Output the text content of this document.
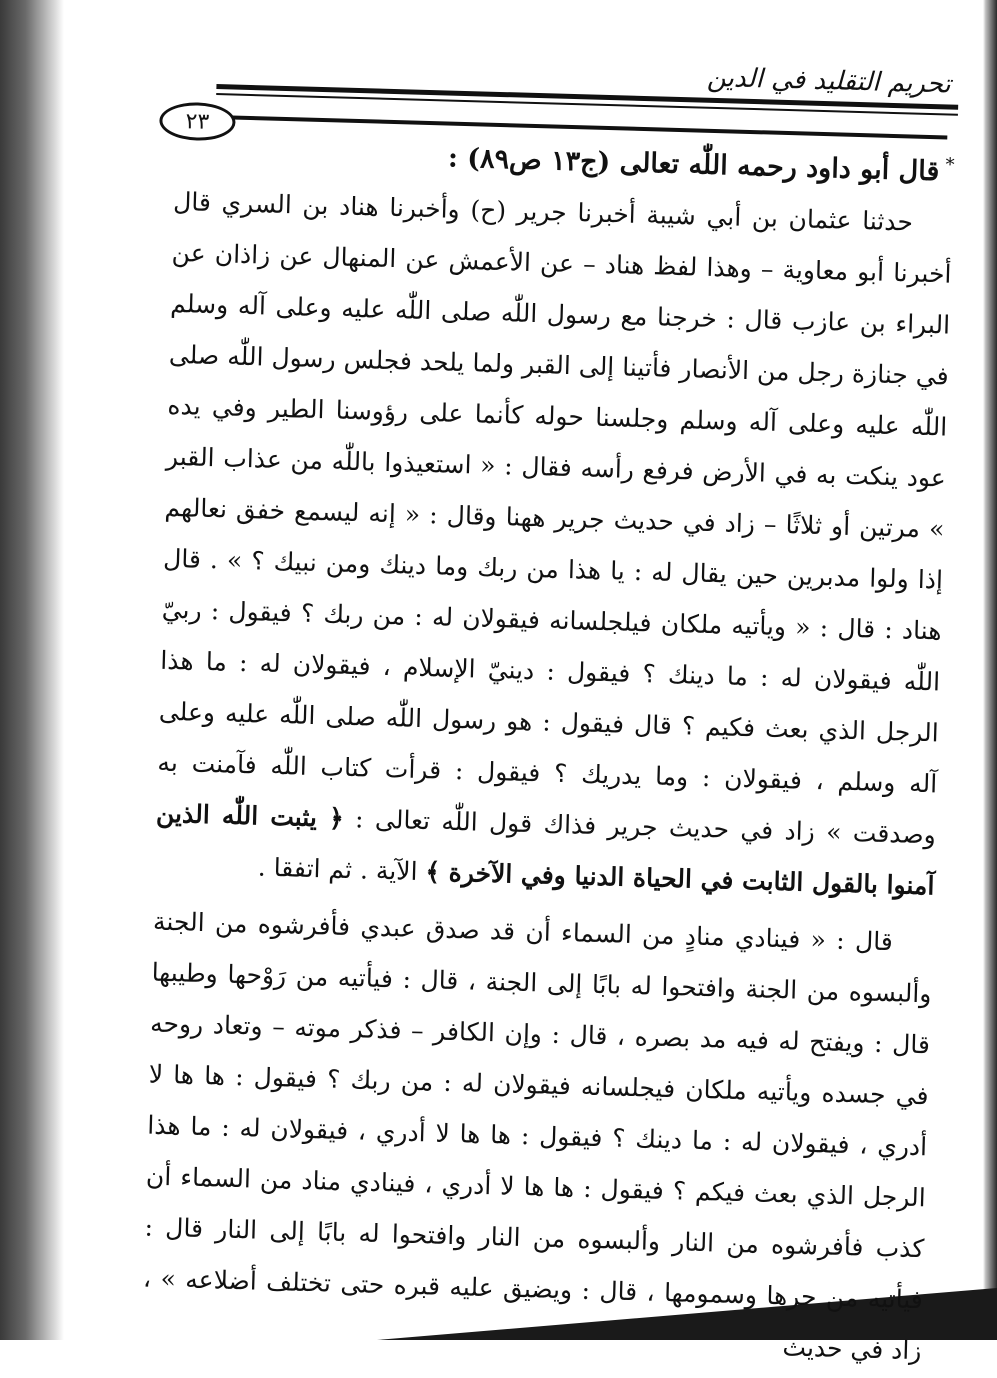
تحريم التقليد في الدين
٢٣

*قال أبو داود رحمه اللّٰه تعالى (ج١٣ ص٨٩) :

حدثنا عثمان بن أبي شيبة أخبرنا جرير (ح) وأخبرنا هناد بن السري قال أخبرنا أبو معاوية – وهذا لفظ هناد – عن الأعمش عن المنهال عن زاذان عن البراء بن عازب قال : خرجنا مع رسول اللّٰه صلى اللّٰه عليه وعلى آله وسلم في جنازة رجل من الأنصار فأتينا إلى القبر ولما يلحد فجلس رسول اللّٰه صلى اللّٰه عليه وعلى آله وسلم وجلسنا حوله كأنما على رؤوسنا الطير وفي يده عود ينكت به في الأرض فرفع رأسه فقال : « استعيذوا باللّٰه من عذاب القبر » مرتين أو ثلاثًا – زاد في حديث جرير ههنا وقال : « إنه ليسمع خفق نعالهم إذا ولوا مدبرين حين يقال له : يا هذا من ربك وما دينك ومن نبيك ؟ » . قال هناد : قال : « ويأتيه ملكان فيلجلسانه فيقولان له : من ربك ؟ فيقول : ربيّ اللّٰه فيقولان له : ما دينك ؟ فيقول : دينيّ الإسلام ، فيقولان له : ما هذا الرجل الذي بعث فكيم ؟ قال فيقول : هو رسول اللّٰه صلى اللّٰه عليه وعلى آله وسلم ، فيقولان : وما يدريك ؟ فيقول : قرأت كتاب اللّٰه فآمنت به وصدقت » زاد في حديث جرير فذاك قول اللّٰه تعالى : ﴿ يثبت اللّٰه الذين آمنوا بالقول الثابت في الحياة الدنيا وفي الآخرة ﴾ الآية . ثم اتفقا .

قال : « فينادي منادٍ من السماء أن قد صدق عبدي فأفرشوه من الجنة وألبسوه من الجنة وافتحوا له بابًا إلى الجنة ، قال : فيأتيه من رَوْحها وطيبها قال : ويفتح له فيه مد بصره ، قال : وإن الكافر – فذكر موته – وتعاد روحه في جسده ويأتيه ملكان فيجلسانه فيقولان له : من ربك ؟ فيقول : ها ها لا أدري ، فيقولان له : ما دينك ؟ فيقول : ها ها لا أدري ، فيقولان له : ما هذا الرجل الذي بعث فيكم ؟ فيقول : ها ها لا أدري ، فينادي مناد من السماء أن كذب فأفرشوه من النار وألبسوه من النار وافتحوا له بابًا إلى النار قال : فيأتيه من حرها وسمومها ، قال : ويضيق عليه قبره حتى تختلف أضلاعه » ، زاد في حديث
